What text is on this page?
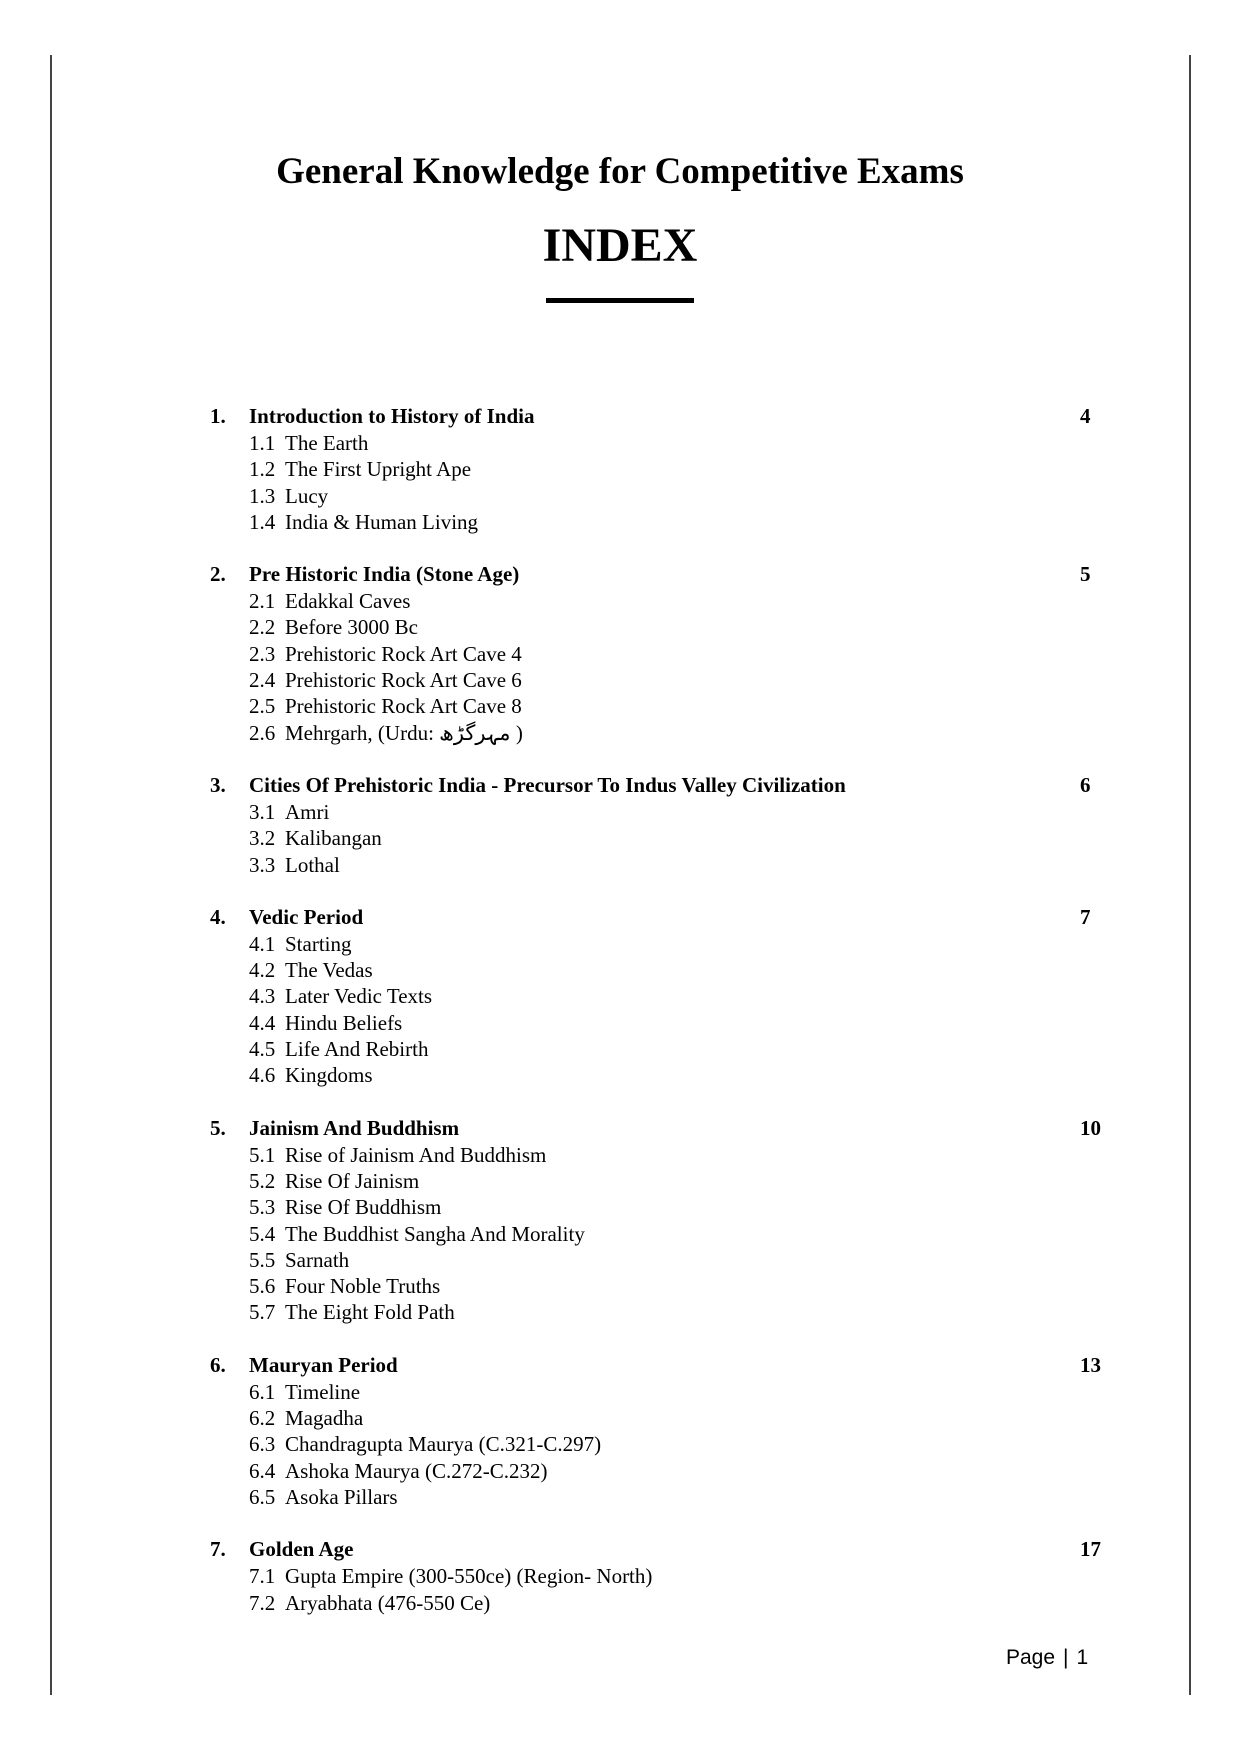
General Knowledge for Competitive Exams
INDEX
1.	Introduction to History of India	4
1.1 The Earth
1.2 The First Upright Ape
1.3 Lucy
1.4 India & Human Living
2.	Pre Historic India (Stone Age)	5
2.1 Edakkal Caves
2.2 Before 3000 Bc
2.3 Prehistoric Rock Art Cave 4
2.4 Prehistoric Rock Art Cave 6
2.5 Prehistoric Rock Art Cave 8
2.6 Mehrgarh, (Urdu: مہرگڑھ )
3.	Cities Of Prehistoric India - Precursor To Indus Valley Civilization	6
3.1 Amri
3.2 Kalibangan
3.3 Lothal
4.	Vedic Period	7
4.1 Starting
4.2 The Vedas
4.3 Later Vedic Texts
4.4 Hindu Beliefs
4.5 Life And Rebirth
4.6 Kingdoms
5.	Jainism And Buddhism	10
5.1 Rise of Jainism And Buddhism
5.2 Rise Of Jainism
5.3 Rise Of Buddhism
5.4 The Buddhist Sangha And Morality
5.5 Sarnath
5.6 Four Noble Truths
5.7 The Eight Fold Path
6.	Mauryan Period	13
6.1 Timeline
6.2 Magadha
6.3 Chandragupta Maurya (C.321-C.297)
6.4 Ashoka Maurya (C.272-C.232)
6.5 Asoka Pillars
7.	Golden Age	17
7.1 Gupta Empire (300-550ce) (Region- North)
7.2 Aryabhata (476-550 Ce)
Page | 1
